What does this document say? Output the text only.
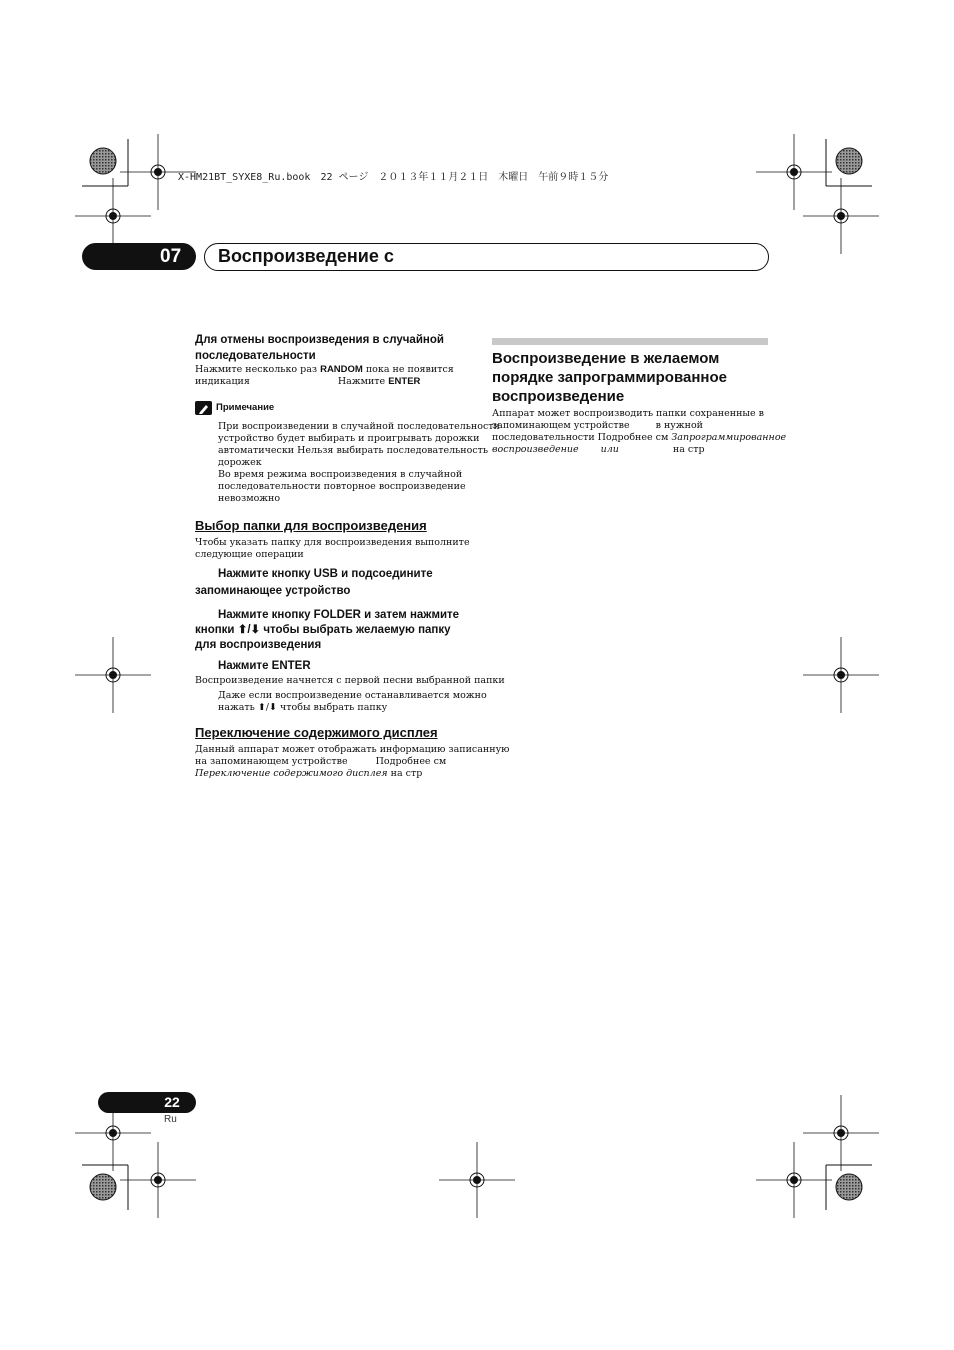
X-HM21BT_SYXE8_Ru.book　22 ページ　２０１３年１１月２１日　木曜日　午前９時１５分
07	Воспроизведение с
Для отмены воспроизведения в случайной
последовательности
Нажмите несколько раз RANDOM пока не появится
индикация	Нажмите ENTER
Примечание
При воспроизведении в случайной последовательности
устройство будет выбирать и проигрывать дорожки
автоматически Нельзя выбирать последовательность
дорожек
Во время режима воспроизведения в случайной
последовательности повторное воспроизведение
невозможно
Выбор папки для воспроизведения
Чтобы указать папку для воспроизведения выполните
следующие операции
Нажмите кнопку USB и подсоедините
запоминающее устройство
Нажмите кнопку FOLDER и затем нажмите
кнопки ⬆/⬇ чтобы выбрать желаемую папку
для воспроизведения
Нажмите ENTER
Воспроизведение начнется с первой песни выбранной папки
Даже если воспроизведение останавливается можно
нажать ⬆/⬇ чтобы выбрать папку
Переключение содержимого дисплея
Данный аппарат может отображать информацию записанную
на запоминающем устройстве	Подробнее см
Переключение содержимого дисплея на стр
Воспроизведение в желаемом
порядке запрограммированное
воспроизведение
Аппарат может воспроизводить папки сохраненные в
запоминающем устройстве	в нужной
последовательности Подробнее см Запрограммированное
воспроизведение или	на стр
22
Ru
